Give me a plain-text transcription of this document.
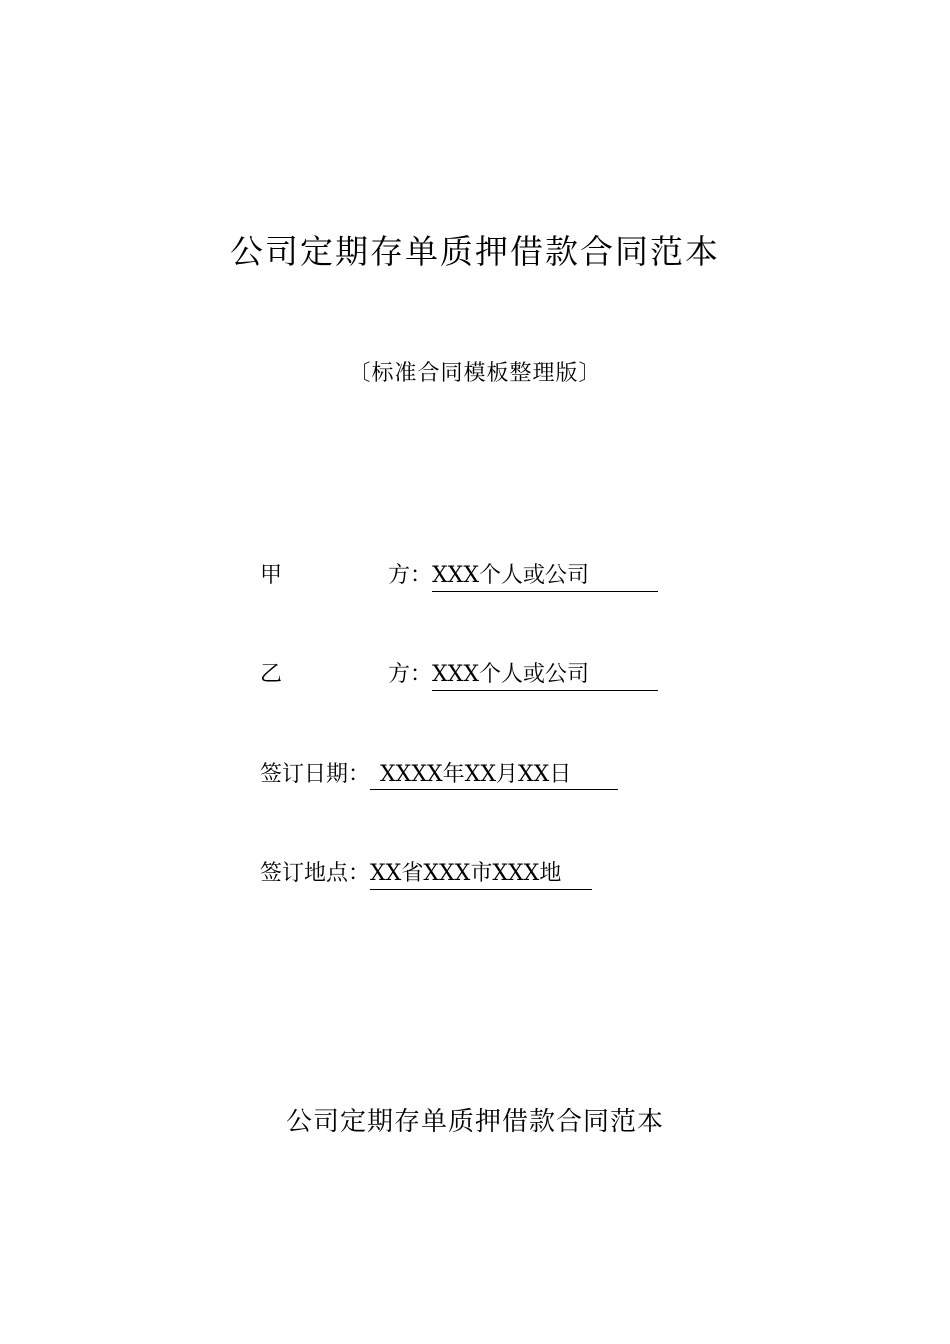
公司定期存单质押借款合同范本
〔标准合同模板整理版〕
甲	方：XXX个人或公司
乙	方：XXX个人或公司
签订日期： XXXX年XX月XX日
签订地点：XX省XXX市XXX地
公司定期存单质押借款合同范本
